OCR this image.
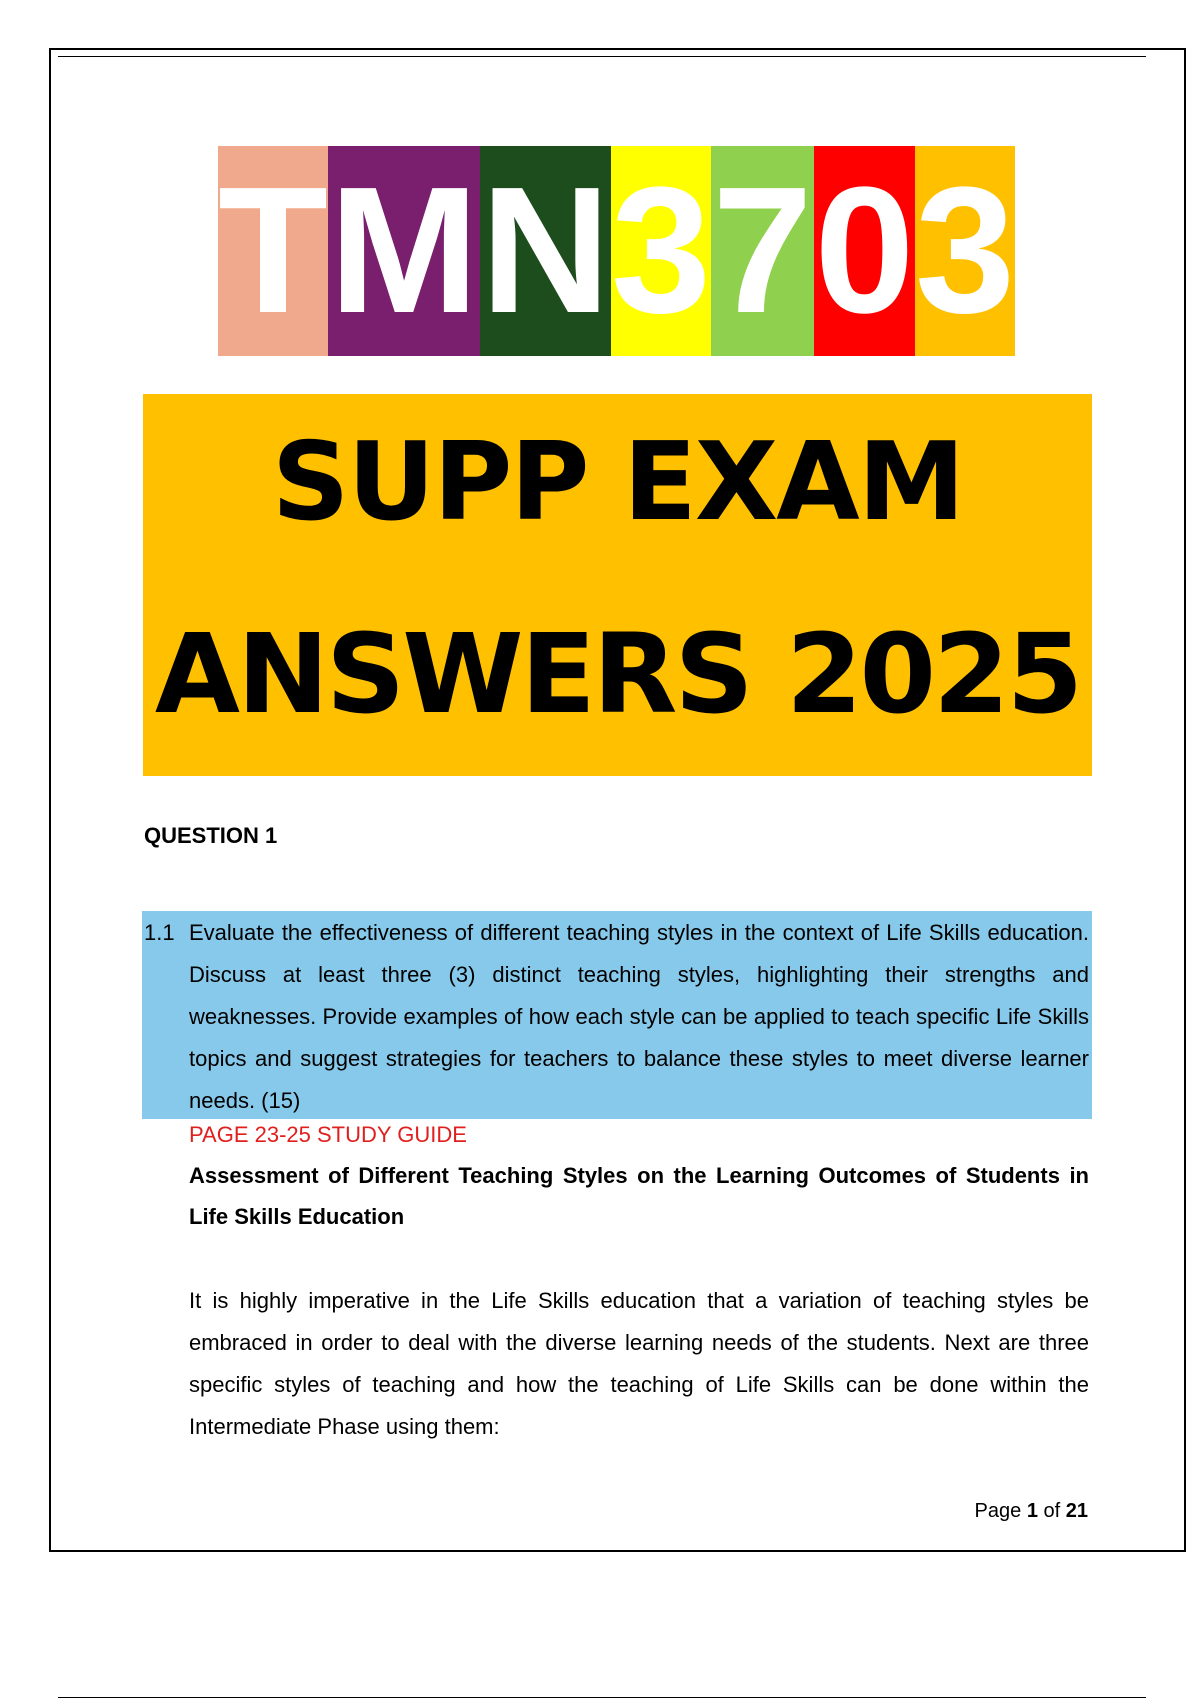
T M N 3 7 0 3
SUPP EXAM
ANSWERS 2025
QUESTION 1
1.1 Evaluate the effectiveness of different teaching styles in the context of Life Skills education. Discuss at least three (3) distinct teaching styles, highlighting their strengths and weaknesses. Provide examples of how each style can be applied to teach specific Life Skills topics and suggest strategies for teachers to balance these styles to meet diverse learner needs. (15)
PAGE 23-25 STUDY GUIDE
Assessment of Different Teaching Styles on the Learning Outcomes of Students in Life Skills Education
It is highly imperative in the Life Skills education that a variation of teaching styles be embraced in order to deal with the diverse learning needs of the students. Next are three specific styles of teaching and how the teaching of Life Skills can be done within the Intermediate Phase using them:
Page 1 of 21
